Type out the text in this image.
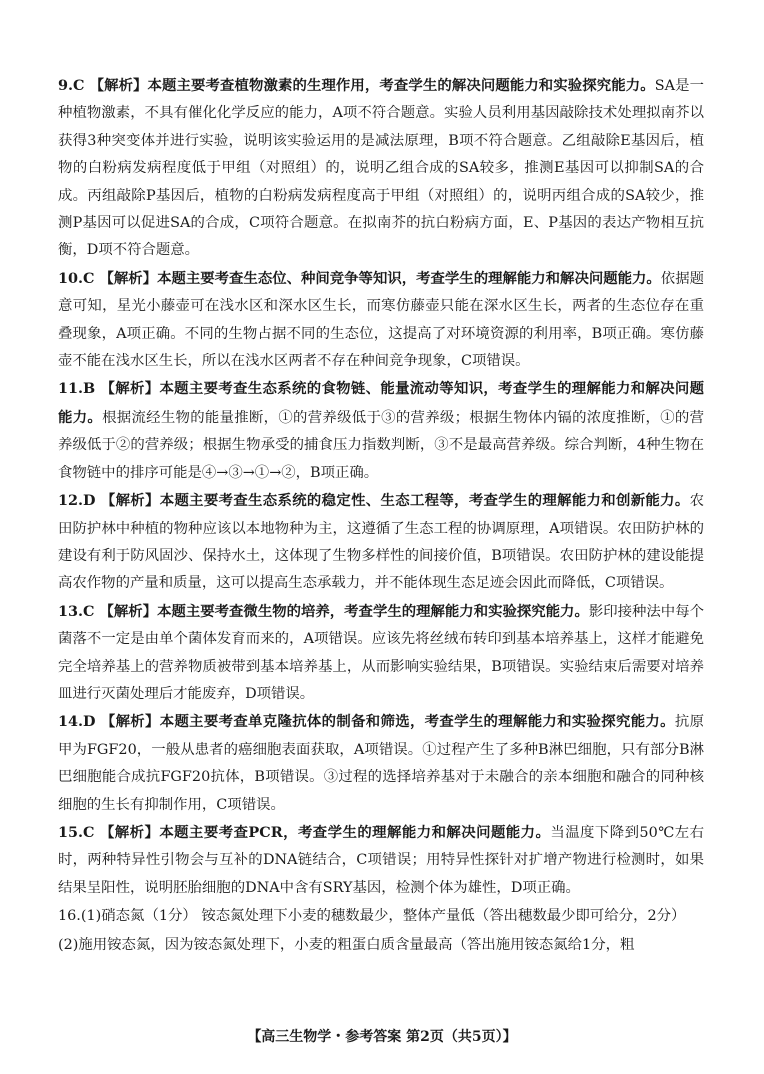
9.C 【解析】本题主要考查植物激素的生理作用，考查学生的解决问题能力和实验探究能力。SA是一种植物激素，不具有催化化学反应的能力，A项不符合题意。实验人员利用基因敲除技术处理拟南芥以获得3种突变体并进行实验，说明该实验运用的是减法原理，B项不符合题意。乙组敲除E基因后，植物的白粉病发病程度低于甲组（对照组）的，说明乙组合成的SA较多，推测E基因可以抑制SA的合成。丙组敲除P基因后，植物的白粉病发病程度高于甲组（对照组）的，说明丙组合成的SA较少，推测P基因可以促进SA的合成，C项符合题意。在拟南芥的抗白粉病方面，E、P基因的表达产物相互抗衡，D项不符合题意。

10.C 【解析】本题主要考查生态位、种间竞争等知识，考查学生的理解能力和解决问题能力。依据题意可知，星光小藤壶可在浅水区和深水区生长，而寒仿藤壶只能在深水区生长，两者的生态位存在重叠现象，A项正确。不同的生物占据不同的生态位，这提高了对环境资源的利用率，B项正确。寒仿藤壶不能在浅水区生长，所以在浅水区两者不存在种间竞争现象，C项错误。

11.B 【解析】本题主要考查生态系统的食物链、能量流动等知识，考查学生的理解能力和解决问题能力。根据流经生物的能量推断，①的营养级低于③的营养级；根据生物体内镉的浓度推断，①的营养级低于②的营养级；根据生物承受的捕食压力指数判断，③不是最高营养级。综合判断，4种生物在食物链中的排序可能是④→③→①→②，B项正确。

12.D 【解析】本题主要考查生态系统的稳定性、生态工程等，考查学生的理解能力和创新能力。农田防护林中种植的物种应该以本地物种为主，这遵循了生态工程的协调原理，A项错误。农田防护林的建设有利于防风固沙、保持水土，这体现了生物多样性的间接价值，B项错误。农田防护林的建设能提高农作物的产量和质量，这可以提高生态承载力，并不能体现生态足迹会因此而降低，C项错误。

13.C 【解析】本题主要考查微生物的培养，考查学生的理解能力和实验探究能力。影印接种法中每个菌落不一定是由单个菌体发育而来的，A项错误。应该先将丝绒布转印到基本培养基上，这样才能避免完全培养基上的营养物质被带到基本培养基上，从而影响实验结果，B项错误。实验结束后需要对培养皿进行灭菌处理后才能废弃，D项错误。

14.D 【解析】本题主要考查单克隆抗体的制备和筛选，考查学生的理解能力和实验探究能力。抗原甲为FGF20，一般从患者的癌细胞表面获取，A项错误。①过程产生了多种B淋巴细胞，只有部分B淋巴细胞能合成抗FGF20抗体，B项错误。③过程的选择培养基对于未融合的亲本细胞和融合的同种核细胞的生长有抑制作用，C项错误。

15.C 【解析】本题主要考查PCR，考查学生的理解能力和解决问题能力。当温度下降到50℃左右时，两种特异性引物会与互补的DNA链结合，C项错误；用特异性探针对扩增产物进行检测时，如果结果呈阳性，说明胚胎细胞的DNA中含有SRY基因，检测个体为雄性，D项正确。

16.(1)硝态氮（1分） 铵态氮处理下小麦的穗数最少，整体产量低（答出穗数最少即可给分，2分）

(2)施用铵态氮，因为铵态氮处理下，小麦的粗蛋白质含量最高（答出施用铵态氮给1分，粗

【高三生物学・参考答案 第2页（共5页）】
